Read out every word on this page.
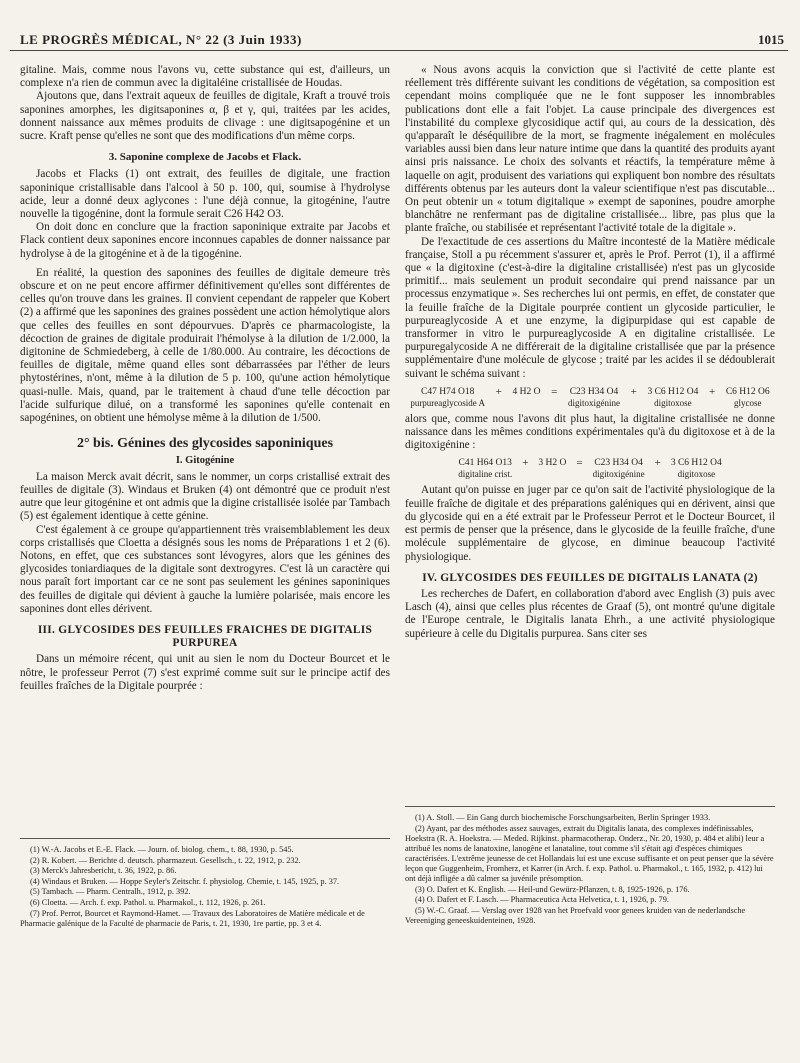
LE PROGRÈS MÉDICAL, N° 22 (3 Juin 1933)	1015

gitaline. Mais, comme nous l'avons vu, cette substance qui est, d'ailleurs, un complexe n'a rien de commun avec la digitaléine cristallisée de Houdas.

Ajoutons que, dans l'extrait aqueux de feuilles de digitale, Kraft a trouvé trois saponines amorphes, les digitsaponines α, β et γ, qui, traitées par les acides, donnent naissance aux mêmes produits de clivage : une digitsapogénine et un sucre. Kraft pense qu'elles ne sont que des modifications d'un même corps.

3. Saponine complexe de Jacobs et Flack.

Jacobs et Flacks (1) ont extrait, des feuilles de digitale, une fraction saponinique cristallisable dans l'alcool à 50 p. 100, qui, soumise à l'hydrolyse acide, leur a donné deux aglycones : l'une déjà connue, la gitogénine, l'autre nouvelle la tigogénine, dont la formule serait C26 H42 O3.

On doit donc en conclure que la fraction saponinique extraite par Jacobs et Flack contient deux saponines encore inconnues capables de donner naissance par hydrolyse à de la gitogénine et à de la tigogénine.

En réalité, la question des saponines des feuilles de digitale demeure très obscure et on ne peut encore affirmer définitivement qu'elles sont différentes de celles qu'on trouve dans les graines. Il convient cependant de rappeler que Kobert (2) a affirmé que les saponines des graines possèdent une action hémolytique alors que celles des feuilles en sont dépourvues. D'après ce pharmacologiste, la décoction de graines de digitale produirait l'hémolyse à la dilution de 1/2.000, la digitonine de Schmiedeberg, à celle de 1/80.000. Au contraire, les décoctions de feuilles de digitale, même quand elles sont débarrassées par l'éther de leurs phytostérines, n'ont, même à la dilution de 5 p. 100, qu'une action hémolytique quasi-nulle. Mais, quand, par le traitement à chaud d'une telle décoction par l'acide sulfurique dilué, on a transformé les saponines qu'elle contenait en sapogénines, on obtient une hémolyse même à la dilution de 1/500.

2° bis. Génines des glycosides saponiniques
I. Gitogénine

La maison Merck avait décrit, sans le nommer, un corps cristallisé extrait des feuilles de digitale (3). Windaus et Bruken (4) ont démontré que ce produit n'est autre que leur gitogénine et ont admis que la digine cristallisée isolée par Tambach (5) est également identique à cette génine.

C'est également à ce groupe qu'appartiennent très vraisemblablement les deux corps cristallisés que Cloetta a désignés sous les noms de Préparations 1 et 2 (6). Notons, en effet, que ces substances sont lévogyres, alors que les génines des glycosides toniardiaques de la digitale sont dextrogyres. C'est là un caractère qui nous paraît fort important car ce ne sont pas seulement les génines saponiniques des feuilles de digitale qui dévient à gauche la lumière polarisée, mais encore les saponines dont elles dérivent.

III. GLYCOSIDES DES FEUILLES FRAICHES DE DIGITALIS PURPUREA

Dans un mémoire récent, qui unit au sien le nom du Docteur Bourcet et le nôtre, le professeur Perrot (7) s'est exprimé comme suit sur le principe actif des feuilles fraîches de la Digitale pourprée :

(1) W.-A. Jacobs et E.-E. Flack. — Journ. of. biolog. chem., t. 88, 1930, p. 545.
(2) R. Kobert. — Berichte d. deutsch. pharmazeut. Gesellsch., t. 22, 1912, p. 232.
(3) Merck's Jahresbericht, t. 36, 1922, p. 86.
(4) Windaus et Bruken. — Hoppe Seyler's Zeitschr. f. physiolog. Chemie, t. 145, 1925, p. 37.
(5) Tambach. — Pharm. Centralh., 1912, p. 392.
(6) Cloetta. — Arch. f. exp. Pathol. u. Pharmakol., t. 112, 1926, p. 261.
(7) Prof. Perrot, Bourcet et Raymond-Hamet. — Travaux des Laboratoires de Matière médicale et de Pharmacie galénique de la Faculté de pharmacie de Paris, t. 21, 1930, 1re partie, pp. 3 et 4.

« Nous avons acquis la conviction que si l'activité de cette plante est réellement très différente suivant les conditions de végétation, sa composition est cependant moins compliquée que ne le font supposer les innombrables publications dont elle a fait l'objet. La cause principale des divergences est l'instabilité du complexe glycosidique actif qui, au cours de la dessication, dès qu'apparaît le déséquilibre de la mort, se fragmente inégalement en molécules variables aussi bien dans leur nature intime que dans la quantité des produits ayant ainsi pris naissance. Le choix des solvants et réactifs, la température même à laquelle on agit, produisent des variations qui expliquent bon nombre des résultats différents obtenus par les auteurs dont la valeur scientifique n'est pas discutable... On peut obtenir un « totum digitalique » exempt de saponines, poudre amorphe blanchâtre ne renfermant pas de digitaline cristallisée... libre, pas plus que la plante fraîche, ou stabilisée et représentant l'activité totale de la digitale ».

De l'exactitude de ces assertions du Maître incontesté de la Matière médicale française, Stoll a pu récemment s'assurer et, après le Prof. Perrot (1), il a affirmé que « la digitoxine (c'est-à-dire la digitaline cristallisée) n'est pas un glycoside primitif... mais seulement un produit secondaire qui prend naissance par un processus enzymatique ». Ses recherches lui ont permis, en effet, de constater que la feuille fraîche de la Digitale pourprée contient un glycoside particulier, le purpureaglycoside A et une enzyme, la digipurpidase qui est capable de transformer in vitro le purpureaglycoside A en digitaline cristallisée. Le purpuregalycoside A ne différerait de la digitaline cristallisée que par la présence supplémentaire d'une molécule de glycose ; traité par les acides il se dédoublerait suivant le schéma suivant :

C47 H74 O18
purpureaglycoside A
+ 4 H2 O
= C23 H34 O4
digitoxigénine
+ 3 C6 H12 O4
digitoxose
+ C6 H12 O6
glycose

alors que, comme nous l'avons dit plus haut, la digitaline cristallisée ne donne naissance dans les mêmes conditions expérimentales qu'à du digitoxose et à de la digitoxigénine :

C41 H64 O13
digitaline crist.
+ 3 H2 O
= C23 H34 O4
digitoxigénine
+ 3 C6 H12 O4
digitoxose

Autant qu'on puisse en juger par ce qu'on sait de l'activité physiologique de la feuille fraîche de digitale et des préparations galéniques qui en dérivent, ainsi que du glycoside qui en a été extrait par le Professeur Perrot et le Docteur Bourcet, il est permis de penser que la présence, dans le glycoside de la feuille fraîche, d'une molécule supplémentaire de glycose, en diminue beaucoup l'activité physiologique.

IV. GLYCOSIDES DES FEUILLES DE DIGITALIS LANATA (2)

Les recherches de Dafert, en collaboration d'abord avec English (3) puis avec Lasch (4), ainsi que celles plus récentes de Graaf (5), ont montré qu'une digitale de l'Europe centrale, le Digitalis lanata Ehrh., a une activité physiologique supérieure à celle du Digitalis purpurea. Sans citer ses

(1) A. Stoll. — Ein Gang durch biochemische Forschungsarbeiten, Berlin Springer 1933.
(2) Ayant, par des méthodes assez sauvages, extrait du Digitalis lanata, des complexes indéfinissables, Hoekstra (R. A. Hoekstra. — Meded. Rijkinst. pharmacotherap. Onderz., Nr. 20, 1930, p. 484 et alibi) leur a attribué les noms de lanatoxine, lanogène et lanataline, tout comme s'il s'était agi d'espèces chimiques caractérisées. L'extrême jeunesse de cet Hollandais lui est une excuse suffisante et on peut penser que la sévère leçon que Guggenheim, Fromherz, et Karrer (in Arch. f. exp. Pathol. u. Pharmakol., t. 165, 1932, p. 412) lui ont déjà infligée a dû calmer sa juvénile présomption.
(3) O. Dafert et K. English. — Heil-und Gewürz-Pflanzen, t. 8, 1925-1926, p. 176.
(4) O. Dafert et F. Lasch. — Pharmaceutica Acta Helvetica, t. 1, 1926, p. 79.
(5) W.-C. Graaf. — Verslag over 1928 van het Proefvald voor genees kruiden van de nederlandsche Vereeniging geneeskuidenteinen, 1928.
